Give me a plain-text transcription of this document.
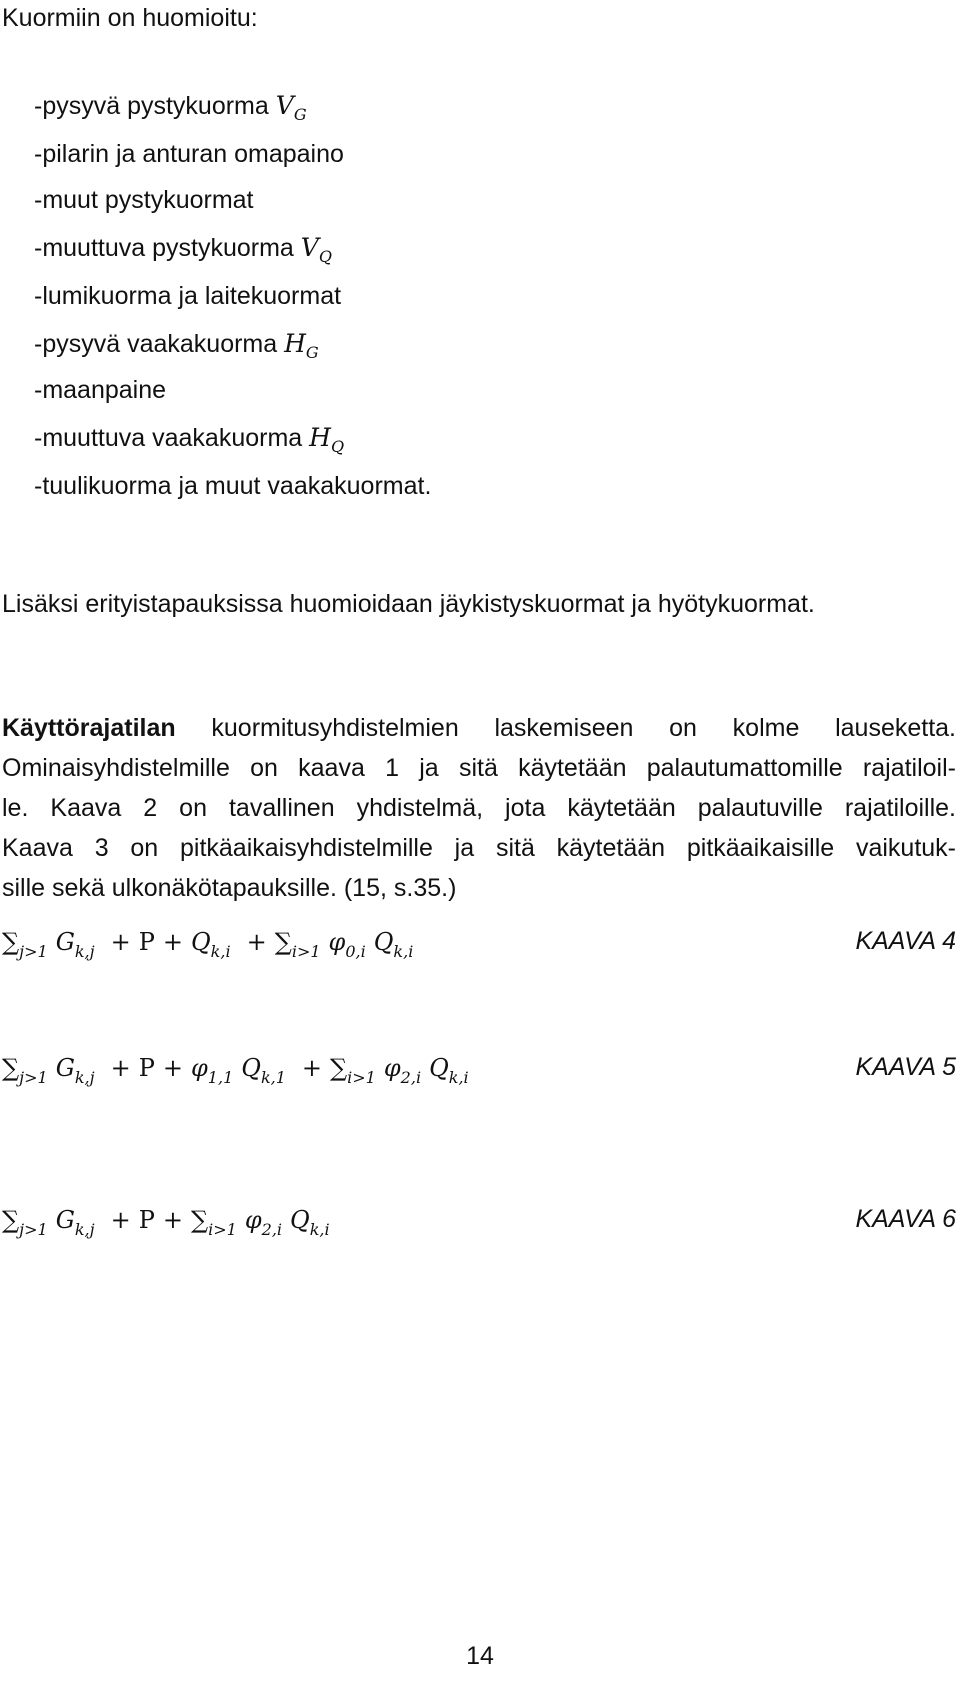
Kuormiin on huomioitu:
-pysyvä pystykuorma $V_G$
-pilarin ja anturan omapaino
-muut pystykuormat
-muuttuva pystykuorma $V_Q$
-lumikuorma ja laitekuormat
-pysyvä vaakakuorma $H_G$
-maanpaine
-muuttuva vaakakuorma $H_Q$
-tuulikuorma ja muut vaakakuormat.
Lisäksi erityistapauksissa huomioidaan jäykistyskuormat ja hyötykuormat.
Käyttörajatilan kuormitusyhdistelmien laskemiseen on kolme lauseketta.
Ominaisyhdistelmille on kaava 1 ja sitä käytetään palautumattomille rajatiloil-
le. Kaava 2 on tavallinen yhdistelmä, jota käytetään palautuville rajatiloille.
Kaava 3 on pitkäaikaisyhdistelmille ja sitä käytetään pitkäaikaisille vaikutuk-
sille sekä ulkonäkötapauksille. (15, s.35.)
$\sum_{j>1}$ $G_{k,j} + P + Q_{k,i} + \sum_{i>1}$ $\varphi_{0,i}$ $Q_{k,i}$	KAAVA 4
$\sum_{j>1}$ $G_{k,j} + P + \varphi_{1,1}$ $Q_{k,1} + \sum_{i>1}$ $\varphi_{2,i}$ $Q_{k,i}$	KAAVA 5
$\sum_{j>1}$ $G_{k,j} + P + \sum_{i>1}$ $\varphi_{2,i}$ $Q_{k,i}$	KAAVA 6
14
